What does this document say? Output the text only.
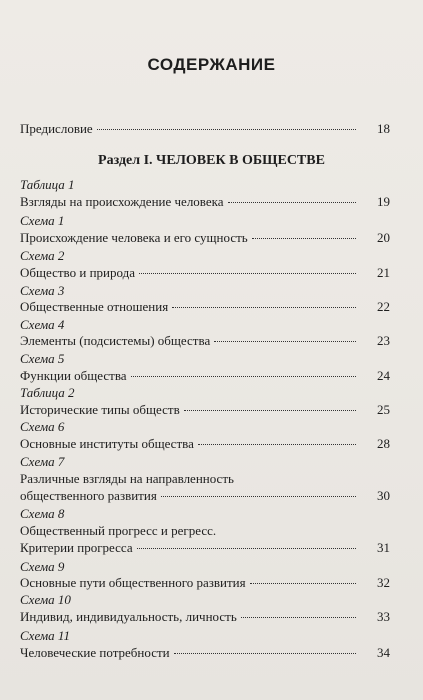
СОДЕРЖАНИЕ
Предисловие	18
Раздел I. ЧЕЛОВЕК В ОБЩЕСТВЕ
Таблица 1
Взгляды на происхождение человека	19
Схема 1
Происхождение человека и его сущность	20
Схема 2
Общество и природа	21
Схема 3
Общественные отношения	22
Схема 4
Элементы (подсистемы) общества	23
Схема 5
Функции общества	24
Таблица 2
Исторические типы обществ	25
Схема 6
Основные институты общества	28
Схема 7
Различные взгляды на направленность
общественного развития	30
Схема 8
Общественный прогресс и регресс.
Критерии прогресса	31
Схема 9
Основные пути общественного развития	32
Схема 10
Индивид, индивидуальность, личность	33
Схема 11
Человеческие потребности	34
